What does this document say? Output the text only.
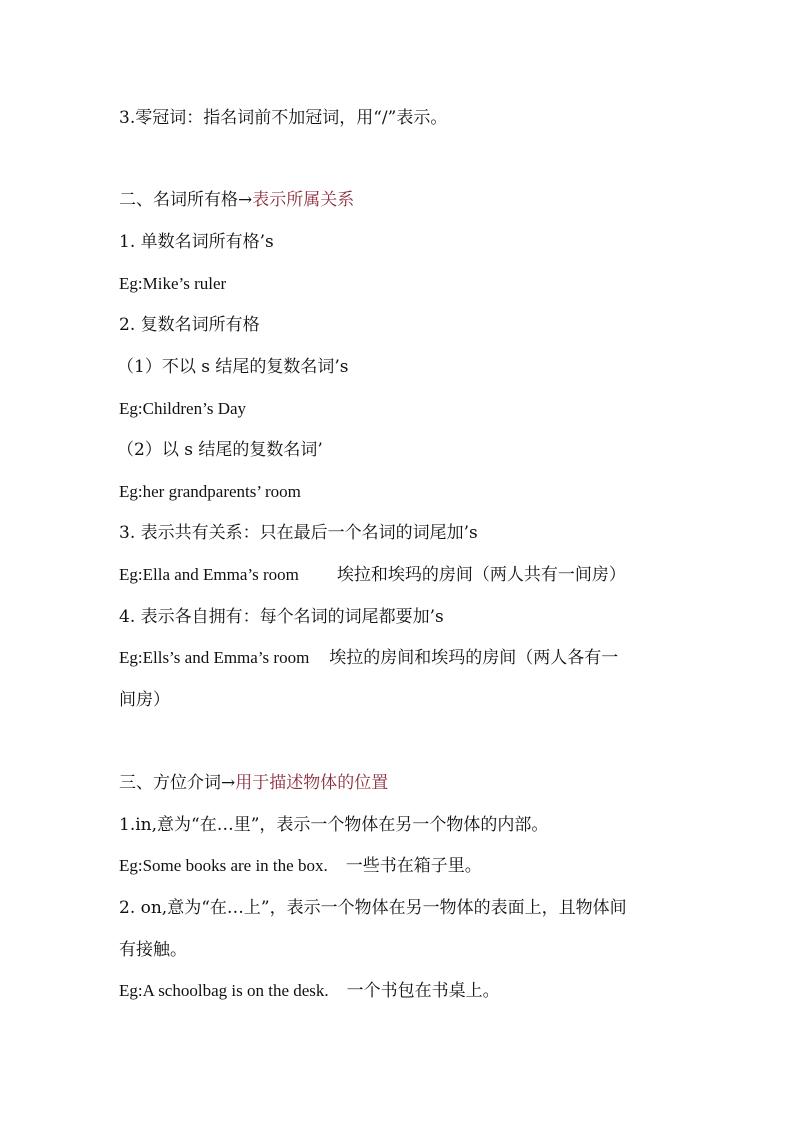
3.零冠词：指名词前不加冠词，用“/”表示。
二、名词所有格→表示所属关系
1. 单数名词所有格’s
Eg:Mike’s ruler
2. 复数名词所有格
（1）不以 s 结尾的复数名词’s
Eg:Children’s Day
（2）以 s 结尾的复数名词’
Eg:her grandparents’ room
3. 表示共有关系：只在最后一个名词的词尾加’s
Eg:Ella and Emma’s room 埃拉和埃玛的房间（两人共有一间房）
4. 表示各自拥有：每个名词的词尾都要加’s
Eg:Ells’s and Emma’s room 埃拉的房间和埃玛的房间（两人各有一
间房）
三、方位介词→用于描述物体的位置
1.in,意为“在…里”，表示一个物体在另一个物体的内部。
Eg:Some books are in the box. 一些书在箱子里。
2. on,意为“在…上”，表示一个物体在另一物体的表面上，且物体间
有接触。
Eg:A schoolbag is on the desk. 一个书包在书桌上。
